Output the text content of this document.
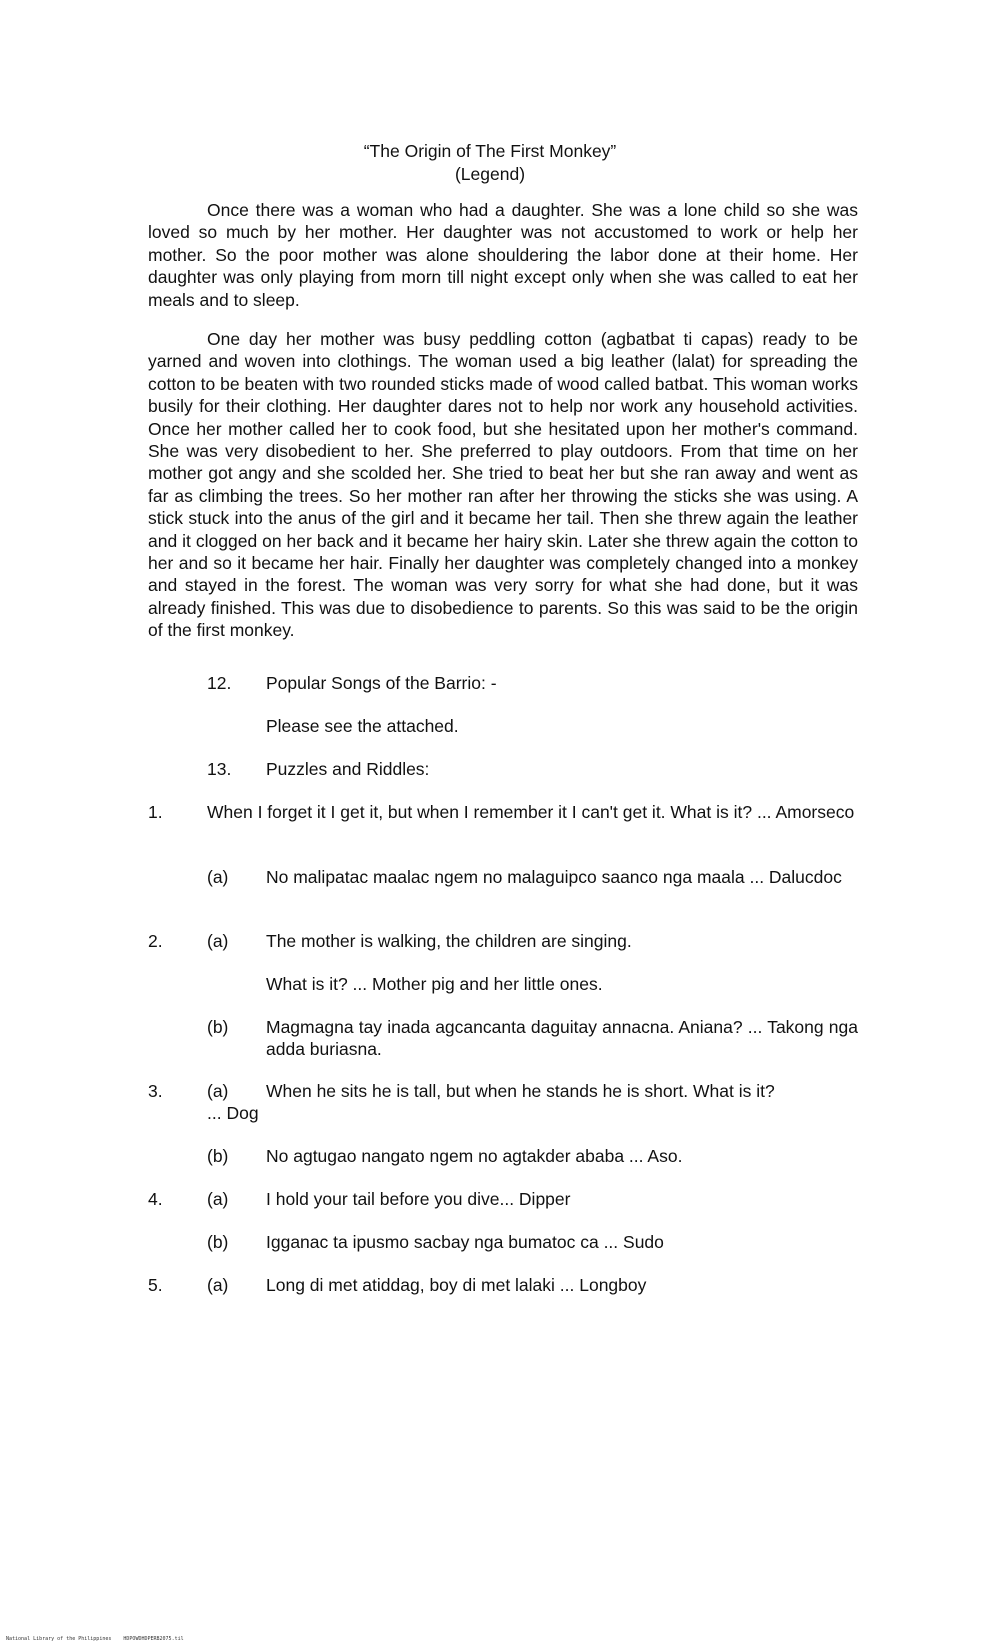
“The Origin of The First Monkey”
(Legend)

Once there was a woman who had a daughter. She was a lone child so she was loved so much by her mother. Her daughter was not accustomed to work or help her mother. So the poor mother was alone shouldering the labor done at their home. Her daughter was only playing from morn till night except only when she was called to eat her meals and to sleep.

One day her mother was busy peddling cotton (agbatbat ti capas) ready to be yarned and woven into clothings. The woman used a big leather (lalat) for spreading the cotton to be beaten with two rounded sticks made of wood called batbat. This woman works busily for their clothing. Her daughter dares not to help nor work any household activities. Once her mother called her to cook food, but she hesitated upon her mother's command. She was very disobedient to her. She preferred to play outdoors. From that time on her mother got angy and she scolded her. She tried to beat her but she ran away and went as far as climbing the trees. So her mother ran after her throwing the sticks she was using. A stick stuck into the anus of the girl and it became her tail. Then she threw again the leather and it clogged on her back and it became her hairy skin. Later she threw again the cotton to her and so it became her hair. Finally her daughter was completely changed into a monkey and stayed in the forest. The woman was very sorry for what she had done, but it was already finished. This was due to disobedience to parents. So this was said to be the origin of the first monkey.

12. Popular Songs of the Barrio: -
Please see the attached.
13. Puzzles and Riddles:
1.	When I forget it I get it, but when I remember it I can't get it. What is it? ... Amorseco
(a) No malipatac maalac ngem no malaguipco saanco nga maala ... Dalucdoc
2.	(a) The mother is walking, the children are singing.
What is it? ... Mother pig and her little ones.
(b) Magmagna tay inada agcancanta daguitay annacna. Aniana? ... Takong nga adda buriasna.
3.	(a) When he sits he is tall, but when he stands he is short. What is it?
... Dog
(b) No agtugao nangato ngem no agtakder ababa ... Aso.
4.	(a) I hold your tail before you dive... Dipper
(b) Igganac ta ipusmo sacbay nga bumatoc ca ... Sudo
5.	(a) Long di met atiddag, boy di met lalaki ... Longboy
National Library of the Philippines    HDPOWDHDPERB2075.til
